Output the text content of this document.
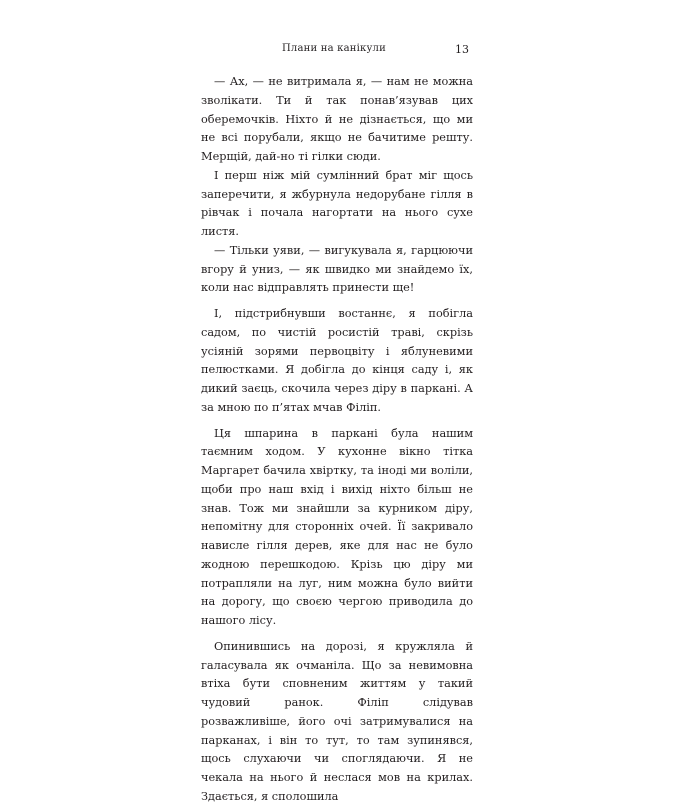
Плани на канікули	13

— Ах, — не витримала я, — нам не можна зволікати. Ти й так понав’язував цих оберемочків. Ніхто й не дізнається, що ми не всі порубали, якщо не бачитиме решту. Мерщій, дай-но ті гілки сюди.

І перш ніж мій сумлінний брат міг щось заперечити, я жбурнула недорубане гілля в рівчак і почала нагортати на нього сухе листя.

— Тільки уяви, — вигукувала я, гарцюючи вгору й униз, — як швидко ми знайдемо їх, коли нас відправлять принести ще!

І, підстрибнувши востаннє, я побігла садом, по чистій росистій траві, скрізь усіяній зорями первоцвіту і яблуневими пелюстками. Я добігла до кінця саду і, як дикий заєць, скочила через діру в паркані. А за мною по п’ятах мчав Філіп.

Ця шпарина в паркані була нашим таємним ходом. У кухонне вікно тітка Маргарет бачила хвіртку, та іноді ми воліли, щоби про наш вхід і вихід ніхто більш не знав. Тож ми знайшли за курником діру, непомітну для сторонніх очей. Її закривало нависле гілля дерев, яке для нас не було жодною перешкодою. Крізь цю діру ми потрапляли на луг, ним можна було вийти на дорогу, що своєю чергою приводила до нашого лісу.

Опинившись на дорозі, я кружляла й галасувала як очманіла. Що за невимовна втіха бути сповненим життям у такий чудовий ранок. Філіп слідував розважливіше, його очі затримувалися на парканах, і він то тут, то там зупинявся, щось слухаючи чи споглядаючи. Я не чекала на нього й неслася мов на крилах. Здається, я сполошила
